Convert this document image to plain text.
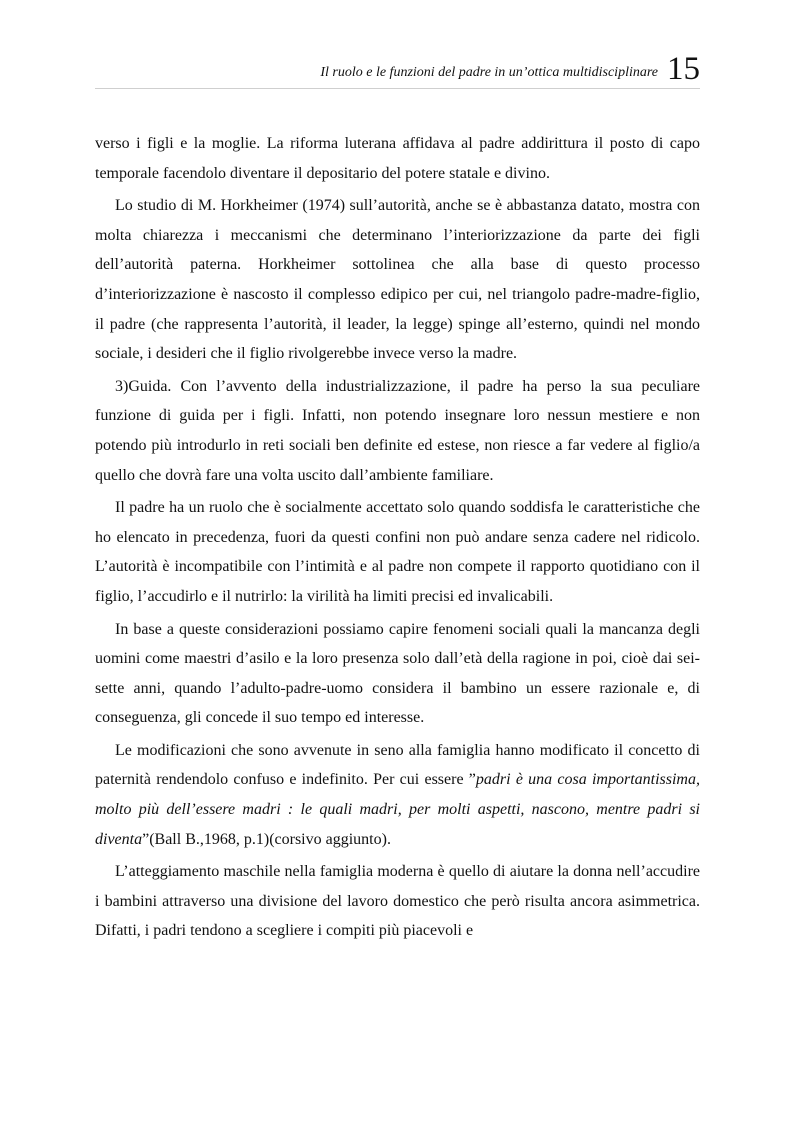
Il ruolo e le funzioni del padre in un’ottica multidisciplinare 15

verso i figli e la moglie. La riforma luterana affidava al padre addirittura il posto di capo temporale facendolo diventare il depositario del potere statale e divino.

Lo studio di M. Horkheimer (1974) sull’autorità, anche se è abbastanza datato, mostra con molta chiarezza i meccanismi che determinano l’interiorizzazione da parte dei figli dell’autorità paterna. Horkheimer sottolinea che alla base di questo processo d’interiorizzazione è nascosto il complesso edipico per cui, nel triangolo padre-madre-figlio, il padre (che rappresenta l’autorità, il leader, la legge) spinge all’esterno, quindi nel mondo sociale, i desideri che il figlio rivolgerebbe invece verso la madre.

3)Guida. Con l’avvento della industrializzazione, il padre ha perso la sua peculiare funzione di guida per i figli. Infatti, non potendo insegnare loro nessun mestiere e non potendo più introdurlo in reti sociali ben definite ed estese, non riesce a far vedere al figlio/a quello che dovrà fare una volta uscito dall’ambiente familiare.

Il padre ha un ruolo che è socialmente accettato solo quando soddisfa le caratteristiche che ho elencato in precedenza, fuori da questi confini non può andare senza cadere nel ridicolo. L’autorità è incompatibile con l’intimità e al padre non compete il rapporto quotidiano con il figlio, l’accudirlo e il nutrirlo: la virilità ha limiti precisi ed invalicabili.

In base a queste considerazioni possiamo capire fenomeni sociali quali la mancanza degli uomini come maestri d’asilo e la loro presenza solo dall’età della ragione in poi, cioè dai sei-sette anni, quando l’adulto-padre-uomo considera il bambino un essere razionale e, di conseguenza, gli concede il suo tempo ed interesse.

Le modificazioni che sono avvenute in seno alla famiglia hanno modificato il concetto di paternità rendendolo confuso e indefinito. Per cui essere ”padri è una cosa importantissima, molto più dell’essere madri : le quali madri, per molti aspetti, nascono, mentre padri si diventa”(Ball B.,1968, p.1)(corsivo aggiunto).

L’atteggiamento maschile nella famiglia moderna è quello di aiutare la donna nell’accudire i bambini attraverso una divisione del lavoro domestico che però risulta ancora asimmetrica. Difatti, i padri tendono a scegliere i compiti più piacevoli e
